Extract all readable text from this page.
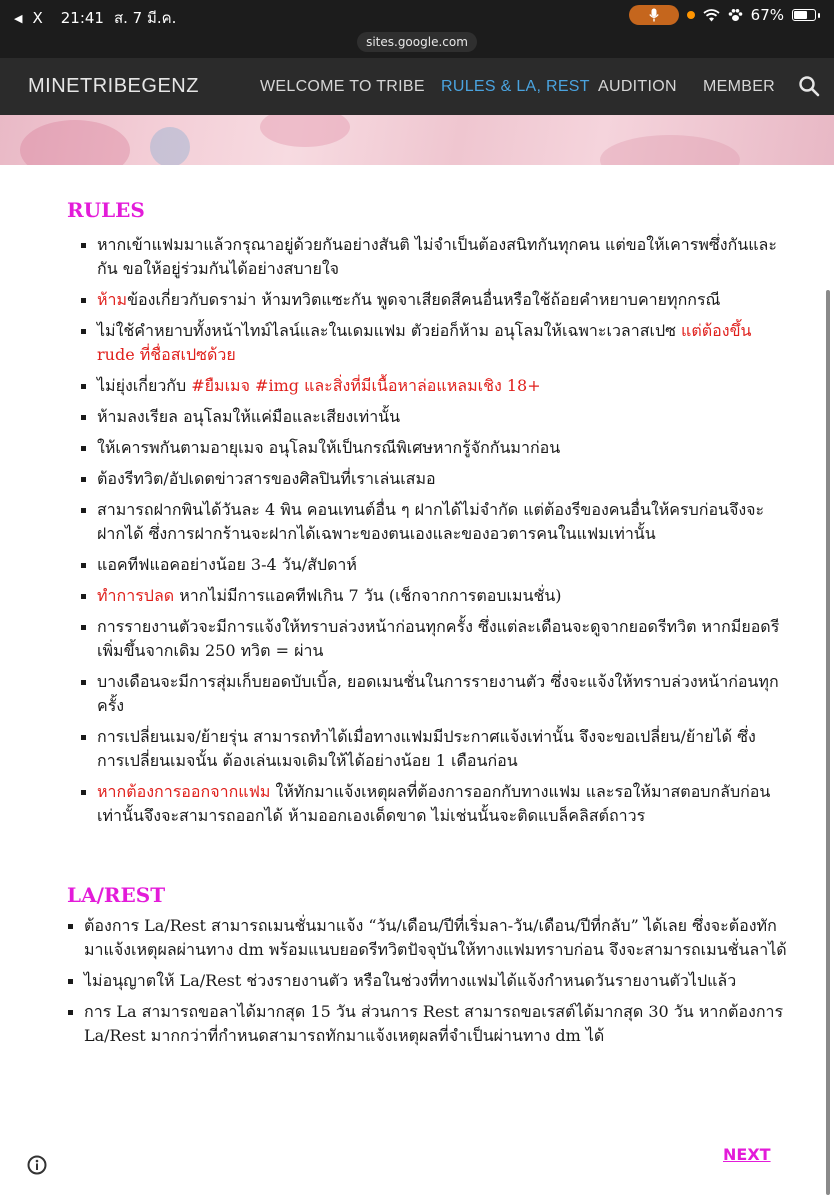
◀ X 21:41 ส. 7 มี.ค.	67%
sites.google.com
MINETRIBEGENZ	WELCOME TO TRIBE RULES & LA, REST AUDITION MEMBER
RULES
หากเข้าแฟมมาแล้วกรุณาอยู่ด้วยกันอย่างสันติ ไม่จำเป็นต้องสนิทกันทุกคน แต่ขอให้เคารพซึ่งกันและกัน ขอให้อยู่ร่วมกันได้อย่างสบายใจ
ห้ามข้องเกี่ยวกับดราม่า ห้ามทวิตแซะกัน พูดจาเสียดสีคนอื่นหรือใช้ถ้อยคำหยาบคายทุกกรณี
ไม่ใช้คำหยาบทั้งหน้าไทม์ไลน์และในเดมแฟม ตัวย่อก็ห้าม อนุโลมให้เฉพาะเวลาสเปซ แต่ต้องขึ้น rude ที่ชื่อสเปซด้วย
ไม่ยุ่งเกี่ยวกับ #ยืมเมจ #img และสิ่งที่มีเนื้อหาล่อแหลมเชิง 18+
ห้ามลงเรียล อนุโลมให้แค่มือและเสียงเท่านั้น
ให้เคารพกันตามอายุเมจ อนุโลมให้เป็นกรณีพิเศษหากรู้จักกันมาก่อน
ต้องรีทวิต/อัปเดตข่าวสารของศิลปินที่เราเล่นเสมอ
สามารถฝากพินได้วันละ 4 พิน คอนเทนต์อื่น ๆ ฝากได้ไม่จำกัด แต่ต้องรีของคนอื่นให้ครบก่อนจึงจะฝากได้ ซึ่งการฝากร้านจะฝากได้เฉพาะของตนเองและของอวตารคนในแฟมเท่านั้น
แอคทีฟแอคอย่างน้อย 3-4 วัน/สัปดาห์
ทำการปลด หากไม่มีการแอคทีฟเกิน 7 วัน (เช็กจากการตอบเมนชั่น)
การรายงานตัวจะมีการแจ้งให้ทราบล่วงหน้าก่อนทุกครั้ง ซึ่งแต่ละเดือนจะดูจากยอดรีทวิต หากมียอดรีเพิ่มขึ้นจากเดิม 250 ทวิต = ผ่าน
บางเดือนจะมีการสุ่มเก็บยอดบับเบิ้ล, ยอดเมนชั่นในการรายงานตัว ซึ่งจะแจ้งให้ทราบล่วงหน้าก่อนทุกครั้ง
การเปลี่ยนเมจ/ย้ายรุ่น สามารถทำได้เมื่อทางแฟมมีประกาศแจ้งเท่านั้น จึงจะขอเปลี่ยน/ย้ายได้ ซึ่งการเปลี่ยนเมจนั้น ต้องเล่นเมจเดิมให้ได้อย่างน้อย 1 เดือนก่อน
หากต้องการออกจากแฟม ให้ทักมาแจ้งเหตุผลที่ต้องการออกกับทางแฟม และรอให้มาสตอบกลับก่อนเท่านั้นจึงจะสามารถออกได้ ห้ามออกเองเด็ดขาด ไม่เช่นนั้นจะติดแบล็คลิสต์ถาวร
LA/REST
ต้องการ La/Rest สามารถเมนชั่นมาแจ้ง “วัน/เดือน/ปีที่เริ่มลา-วัน/เดือน/ปีที่กลับ” ได้เลย ซึ่งจะต้องทักมาแจ้งเหตุผลผ่านทาง dm พร้อมแนบยอดรีทวิตปัจจุบันให้ทางแฟมทราบก่อน จึงจะสามารถเมนชั่นลาได้
ไม่อนุญาตให้ La/Rest ช่วงรายงานตัว หรือในช่วงที่ทางแฟมได้แจ้งกำหนดวันรายงานตัวไปแล้ว
การ La สามารถขอลาได้มากสุด 15 วัน ส่วนการ Rest สามารถขอเรสต์ได้มากสุด 30 วัน หากต้องการ La/Rest มากกว่าที่กำหนดสามารถทักมาแจ้งเหตุผลที่จำเป็นผ่านทาง dm ได้
NEXT
